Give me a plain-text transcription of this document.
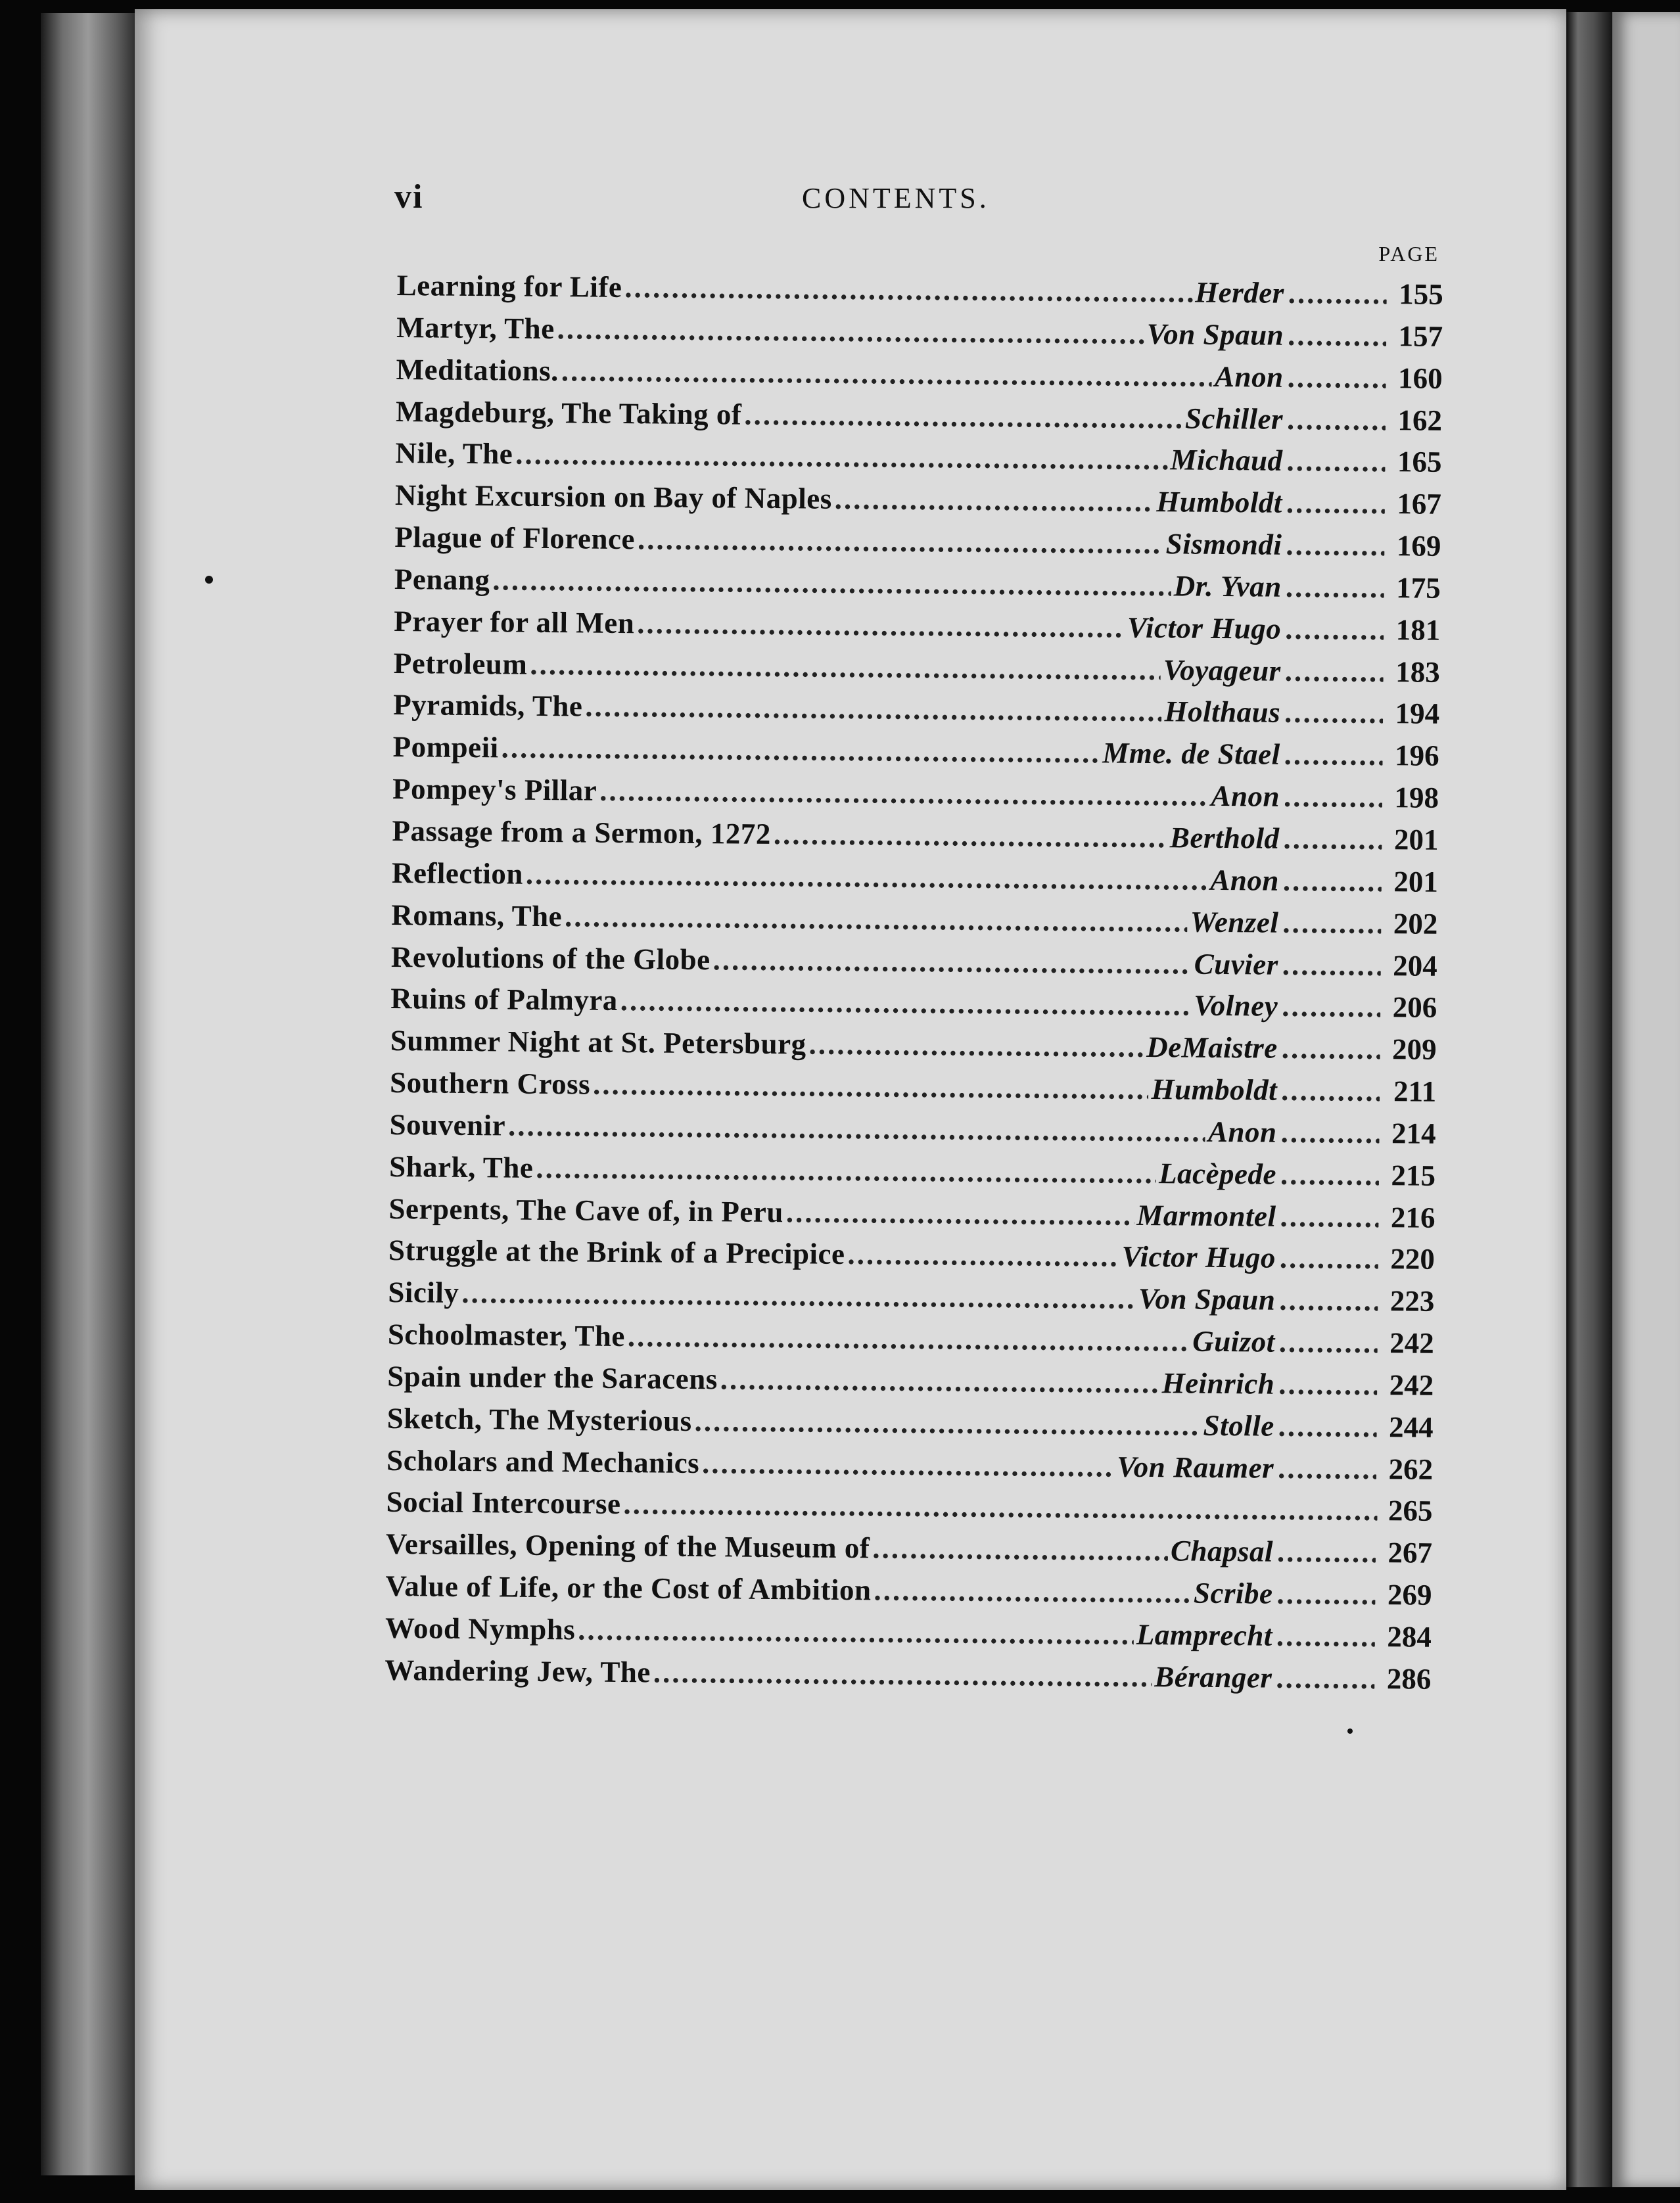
vi	CONTENTS.
PAGE
Learning for Life .....	Herder .....	155
Martyr, The .....	Von Spaun .....	157
Meditations. .....	Anon .....	160
Magdeburg, The Taking of .....	Schiller .....	162
Nile, The .....	Michaud .....	165
Night Excursion on Bay of Naples .....	Humboldt .....	167
Plague of Florence .....	Sismondi .....	169
Penang .....	Dr. Yvan .....	175
Prayer for all Men .....	Victor Hugo .....	181
Petroleum .....	Voyageur .....	183
Pyramids, The .....	Holthaus .....	194
Pompeii .....	Mme. de Stael .....	196
Pompey's Pillar .....	Anon .....	198
Passage from a Sermon, 1272 .....	Berthold .....	201
Reflection .....	Anon .....	201
Romans, The .....	Wenzel .....	202
Revolutions of the Globe .....	Cuvier .....	204
Ruins of Palmyra .....	Volney .....	206
Summer Night at St. Petersburg .....	DeMaistre .....	209
Southern Cross .....	Humboldt .....	211
Souvenir .....	Anon .....	214
Shark, The .....	Lacèpede .....	215
Serpents, The Cave of, in Peru .....	Marmontel .....	216
Struggle at the Brink of a Precipice .....	Victor Hugo .....	220
Sicily .....	Von Spaun .....	223
Schoolmaster, The .....	Guizot .....	242
Spain under the Saracens .....	Heinrich .....	242
Sketch, The Mysterious .....	Stolle .....	244
Scholars and Mechanics .....	Von Raumer .....	262
Social Intercourse .....	265
Versailles, Opening of the Museum of .....	Chapsal .....	267
Value of Life, or the Cost of Ambition .....	Scribe .....	269
Wood Nymphs .....	Lamprecht .....	284
Wandering Jew, The .....	Béranger .....	286
